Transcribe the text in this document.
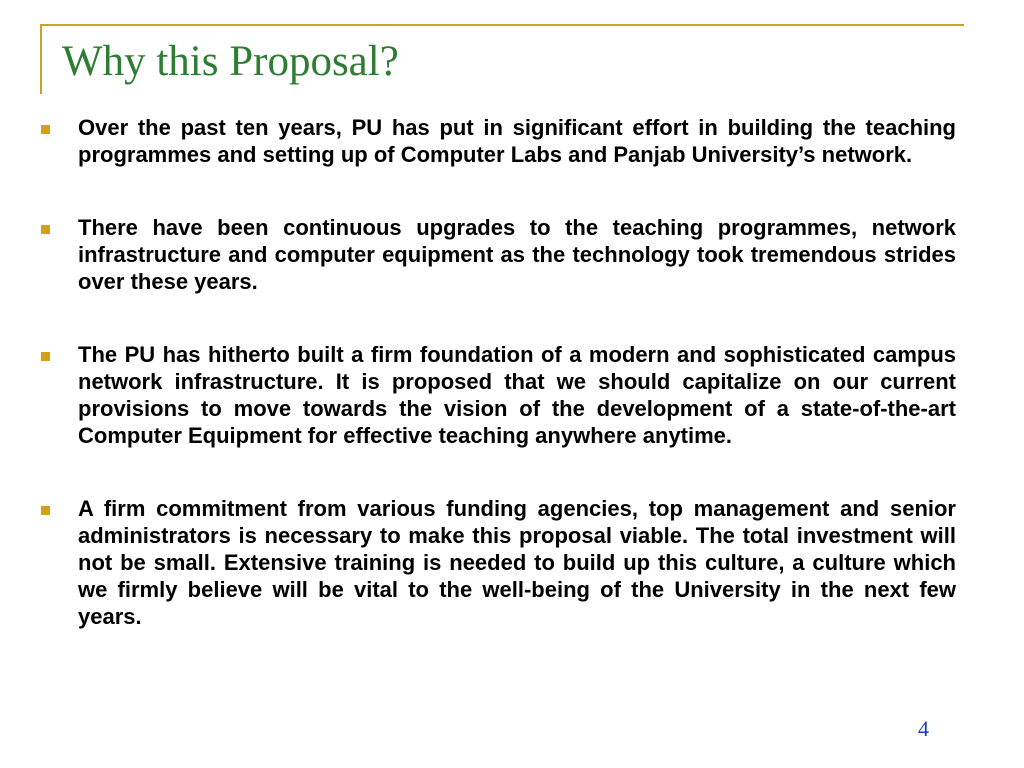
Why this Proposal?

Over the past ten years, PU has put in significant effort in building the teaching programmes and setting up of Computer Labs and Panjab University’s network.

There have been continuous upgrades to the teaching programmes, network infrastructure and computer equipment as the technology took tremendous strides over these years.

The PU has hitherto built a firm foundation of a modern and sophisticated campus network infrastructure. It is proposed that we should capitalize on our current provisions to move towards the vision of the development of a state-of-the-art Computer Equipment for effective teaching anywhere anytime.

A firm commitment from various funding agencies, top management and senior administrators is necessary to make this proposal viable. The total investment will not be small. Extensive training is needed to build up this culture, a culture which we firmly believe will be vital to the well-being of the University in the next few years.

4
